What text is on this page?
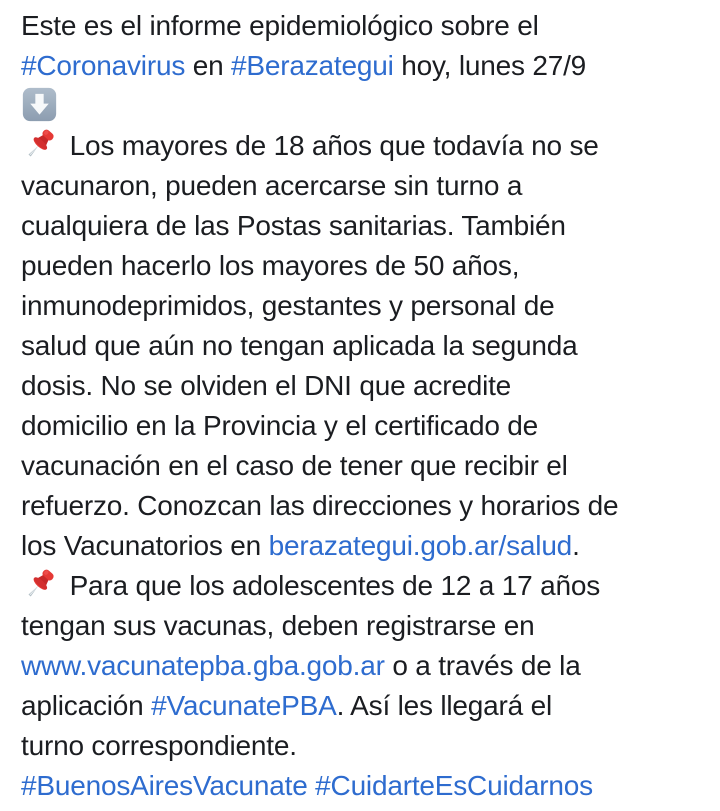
Este es el informe epidemiológico sobre el
#Coronavirus en #Berazategui hoy, lunes 27/9
Los mayores de 18 años que todavía no se
vacunaron, pueden acercarse sin turno a
cualquiera de las Postas sanitarias. También
pueden hacerlo los mayores de 50 años,
inmunodeprimidos, gestantes y personal de
salud que aún no tengan aplicada la segunda
dosis. No se olviden el DNI que acredite
domicilio en la Provincia y el certificado de
vacunación en el caso de tener que recibir el
refuerzo. Conozcan las direcciones y horarios de
los Vacunatorios en berazategui.gob.ar/salud.
Para que los adolescentes de 12 a 17 años
tengan sus vacunas, deben registrarse en
www.vacunatepba.gba.gob.ar o a través de la
aplicación #VacunatePBA. Así les llegará el
turno correspondiente.
#BuenosAiresVacunate #CuidarteEsCuidarnos
